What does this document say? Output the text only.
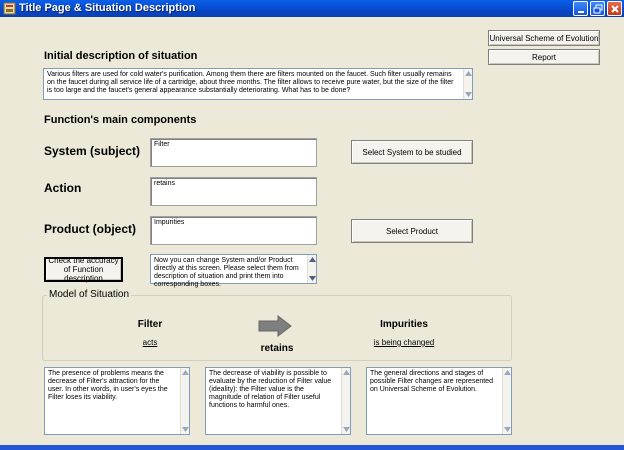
Title Page & Situation Description
Universal Scheme of Evolution
Report
Initial description of situation
Various filters are used for cold water's purification. Among them there are filters mounted on the faucet. Such filter usually remains on the faucet during all service life of a cartridge, about three months. The filter allows to receive pure water, but the size of the filter is too large and the faucet's general appearance substantially deteriorating. What has to be done?
Function's main components
System (subject)	Filter
Action	retains
Product (object)	Impurities
Select System to be studied
Select Product
Check the accuracy of Function description
Now you can change System and/or Product directly at this screen. Please select them from description of situation and print them into corresponding boxes.
Model of Situation
Filter
acts
retains
Impurities
is being changed
The presence of problems means the decrease of Filter's attraction for the user. In other words, in user's eyes the Filter loses its viability.
The decrease of viability is possible to evaluate by the reduction of Filter value (ideality): the Filter value is the magnitude of relation of Filter useful functions to harmful ones.
The general directions and stages of possible Filter changes are represented on Universal Scheme of Evolution.
